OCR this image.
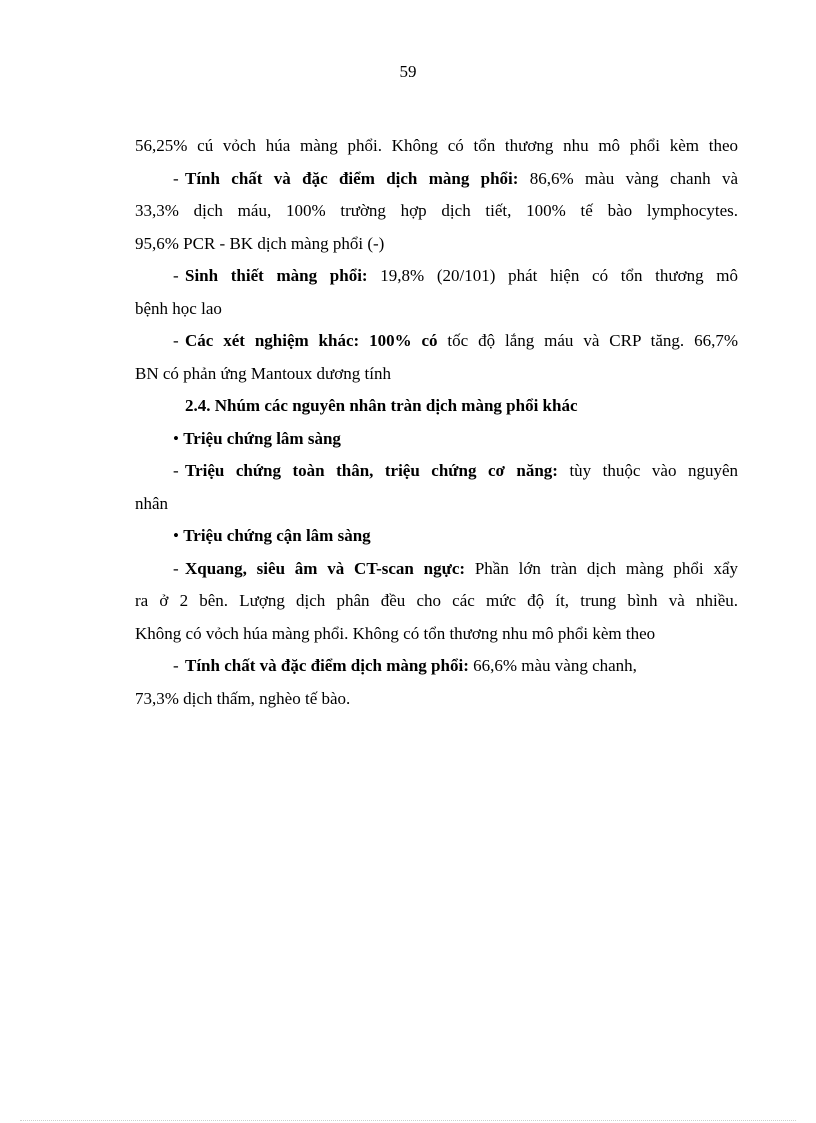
59
56,25% cú vỏch húa màng phổi. Không có tổn thương nhu mô phổi kèm theo
- Tính chất và đặc điểm dịch màng phổi: 86,6% màu vàng chanh và
33,3% dịch máu, 100% trường hợp dịch tiết, 100% tế bào lymphocytes.
95,6% PCR - BK dịch màng phổi (-)
- Sinh thiết màng phổi: 19,8% (20/101) phát hiện có tổn thương mô
bệnh học lao
- Các xét nghiệm khác: 100% có tốc độ lắng máu và CRP tăng. 66,7%
BN có phản ứng Mantoux dương tính
2.4. Nhúm các nguyên nhân tràn dịch màng phổi khác
• Triệu chứng lâm sàng
- Triệu chứng toàn thân, triệu chứng cơ năng: tùy thuộc vào nguyên
nhân
• Triệu chứng cận lâm sàng
- Xquang, siêu âm và CT-scan ngực: Phần lớn tràn dịch màng phổi xẩy
ra ở 2 bên. Lượng dịch phân đều cho các mức độ ít, trung bình và nhiều.
Không có vỏch húa màng phổi. Không có tổn thương nhu mô phổi kèm theo
- Tính chất và đặc điểm dịch màng phổi: 66,6% màu vàng chanh,
73,3% dịch thấm, nghèo tế bào.
